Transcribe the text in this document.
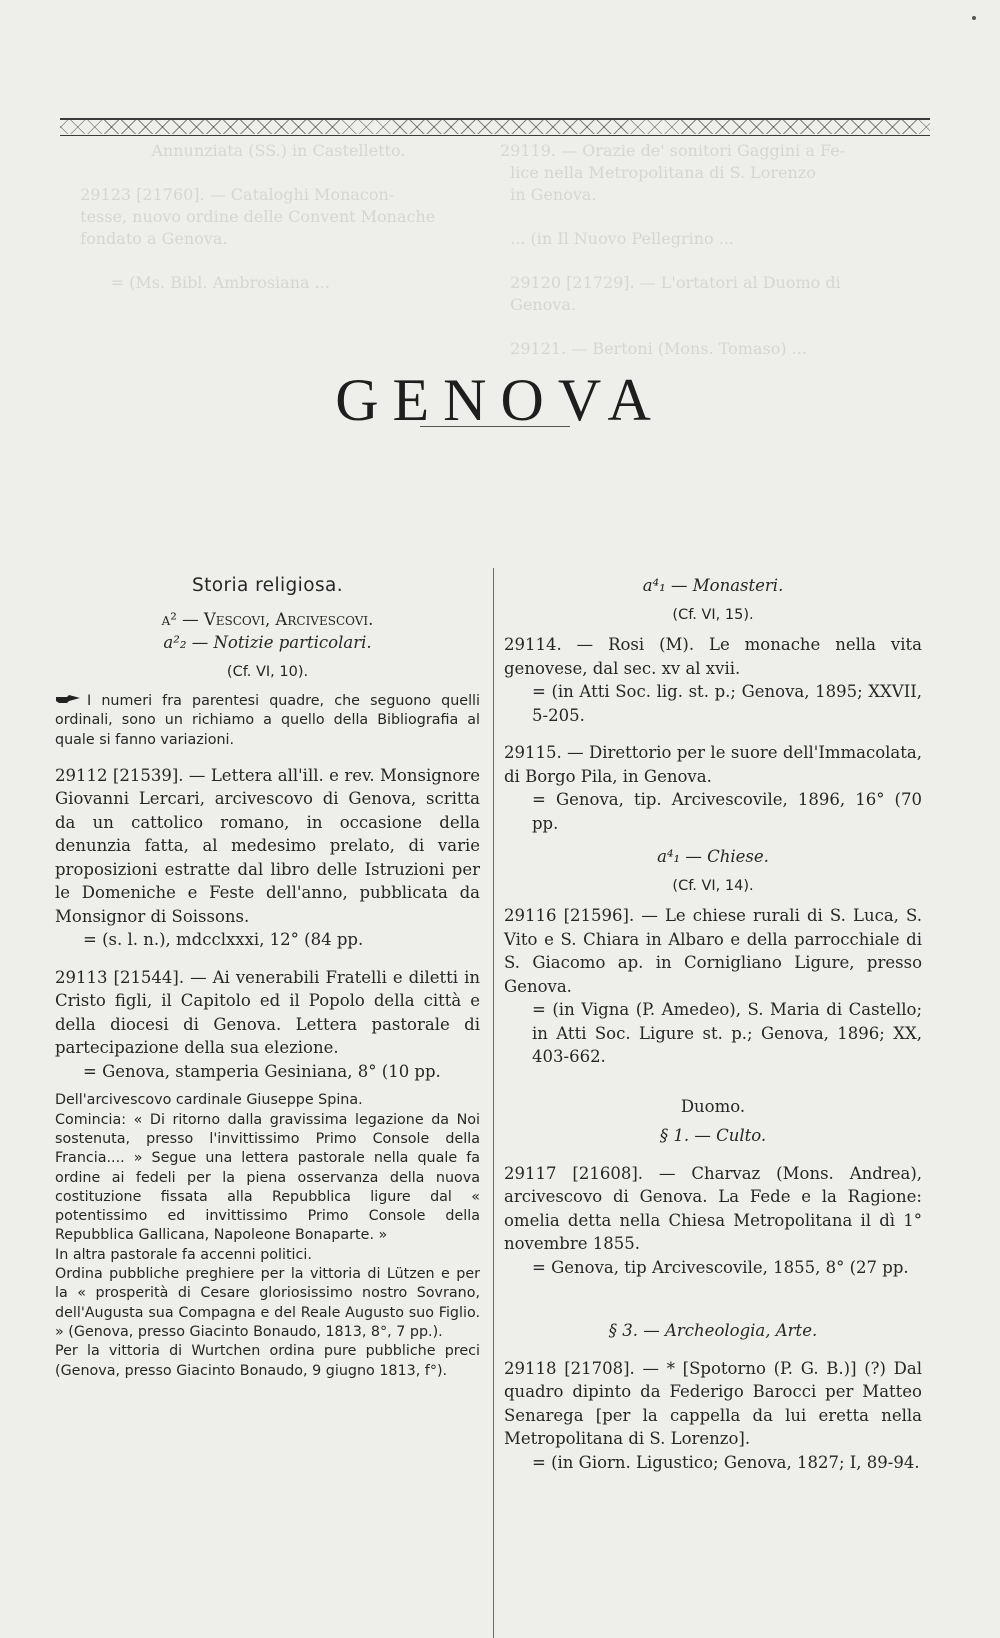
29119. — Orazie de' sonitori Gaggini a Fe-
lice nella Metropolitana di S. Lorenzo
in Genova.

... (in Il Nuovo Pellegrino ...

29120 [21729]. — L'ortatori al Duomo di
Genova.

29121. — Bertoni (Mons. Tomaso) ...
Annunziata (SS.) in Castelletto.

29123 [21760]. — Cataloghi Monacon-
tesse, nuovo ordine delle Convent Monache
fondato a Genova.

= (Ms. Bibl. Ambrosiana ...
GENOVA

Storia religiosa.

a² — Vescovi, Arcivescovi.

a²₂ — Notizie particolari.

(Cf. VI, 10).

I numeri fra parentesi quadre, che seguono quelli ordinali, sono un richiamo a quello della Bibliografia al quale si fanno variazioni.

29112 [21539]. — Lettera all'ill. e rev. Monsignore Giovanni Lercari, arcivescovo di Genova, scritta da un cattolico romano, in occasione della denunzia fatta, al medesimo prelato, di varie proposizioni estratte dal libro delle Istruzioni per le Domeniche e Feste dell'anno, pubblicata da Monsignor di Soissons.

= (s. l. n.), mdcclxxxi, 12° (84 pp.

29113 [21544]. — Ai venerabili Fratelli e diletti in Cristo figli, il Capitolo ed il Popolo della città e della diocesi di Genova. Lettera pastorale di partecipazione della sua elezione.

= Genova, stamperia Gesiniana, 8° (10 pp.

Dell'arcivescovo cardinale Giuseppe Spina.

Comincia: « Di ritorno dalla gravissima legazione da Noi sostenuta, presso l'invittissimo Primo Console della Francia.... » Segue una lettera pastorale nella quale fa ordine ai fedeli per la piena osservanza della nuova costituzione fissata alla Repubblica ligure dal « potentissimo ed invittissimo Primo Console della Repubblica Gallicana, Napoleone Bonaparte. »

In altra pastorale fa accenni politici.

Ordina pubbliche preghiere per la vittoria di Lützen e per la « prosperità di Cesare gloriosissimo nostro Sovrano, dell'Augusta sua Compagna e del Reale Augusto suo Figlio. » (Genova, presso Giacinto Bonaudo, 1813, 8°, 7 pp.).

Per la vittoria di Wurtchen ordina pure pubbliche preci (Genova, presso Giacinto Bonaudo, 9 giugno 1813, f°).

a⁴₁ — Monasteri.

(Cf. VI, 15).

29114. — Rosi (M). Le monache nella vita genovese, dal sec. xv al xvii.

= (in Atti Soc. lig. st. p.; Genova, 1895; XXVII, 5-205.

29115. — Direttorio per le suore dell'Immacolata, di Borgo Pila, in Genova.

= Genova, tip. Arcivescovile, 1896, 16° (70 pp.

a⁴₁ — Chiese.

(Cf. VI, 14).

29116 [21596]. — Le chiese rurali di S. Luca, S. Vito e S. Chiara in Albaro e della parrocchiale di S. Giacomo ap. in Cornigliano Ligure, presso Genova.

= (in Vigna (P. Amedeo), S. Maria di Castello; in Atti Soc. Ligure st. p.; Genova, 1896; XX, 403-662.

Duomo.

§ 1. — Culto.

29117 [21608]. — Charvaz (Mons. Andrea), arcivescovo di Genova. La Fede e la Ragione: omelia detta nella Chiesa Metropolitana il dì 1° novembre 1855.

= Genova, tip Arcivescovile, 1855, 8° (27 pp.

§ 3. — Archeologia, Arte.

29118 [21708]. — * [Spotorno (P. G. B.)] (?) Dal quadro dipinto da Federigo Barocci per Matteo Senarega [per la cappella da lui eretta nella Metropolitana di S. Lorenzo].

= (in Giorn. Ligustico; Genova, 1827; I, 89-94.
